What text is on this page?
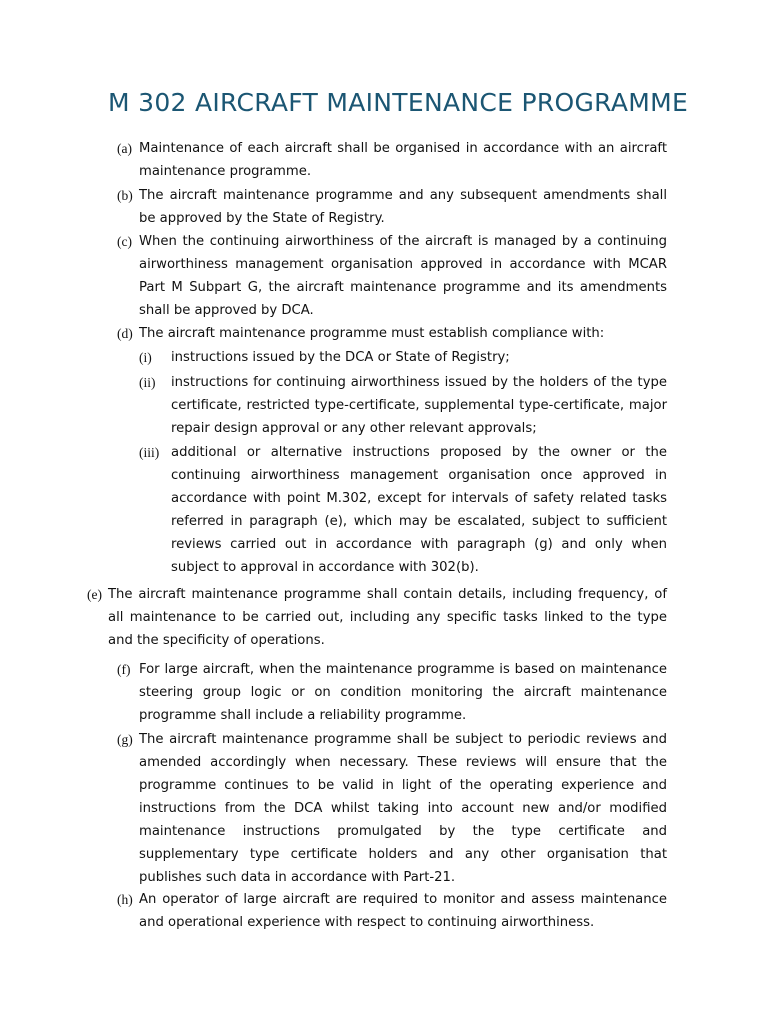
M 302 AIRCRAFT MAINTENANCE PROGRAMME
(a) Maintenance of each aircraft shall be organised in accordance with an aircraft maintenance programme.
(b) The aircraft maintenance programme and any subsequent amendments shall be approved by the State of Registry.
(c) When the continuing airworthiness of the aircraft is managed by a continuing airworthiness management organisation approved in accordance with MCAR Part M Subpart G, the aircraft maintenance programme and its amendments shall be approved by DCA.
(d) The aircraft maintenance programme must establish compliance with:
(i)	instructions issued by the DCA or State of Registry;
(ii)	instructions for continuing airworthiness issued by the holders of the type certificate, restricted type-certificate, supplemental type-certificate, major repair design approval or any other relevant approvals;
(iii) additional or alternative instructions proposed by the owner or the continuing airworthiness management organisation once approved in accordance with point M.302, except for intervals of safety related tasks referred in paragraph (e), which may be escalated, subject to sufficient reviews carried out in accordance with paragraph (g) and only when subject to approval in accordance with 302(b).
(e) The aircraft maintenance programme shall contain details, including frequency, of all maintenance to be carried out, including any specific tasks linked to the type and the specificity of operations.
(f) For large aircraft, when the maintenance programme is based on maintenance steering group logic or on condition monitoring the aircraft maintenance programme shall include a reliability programme.
(g) The aircraft maintenance programme shall be subject to periodic reviews and amended accordingly when necessary. These reviews will ensure that the programme continues to be valid in light of the operating experience and instructions from the DCA whilst taking into account new and/or modified maintenance instructions promulgated by the type certificate and supplementary type certificate holders and any other organisation that publishes such data in accordance with Part-21.
(h) An operator of large aircraft are required to monitor and assess maintenance and operational experience with respect to continuing airworthiness.
